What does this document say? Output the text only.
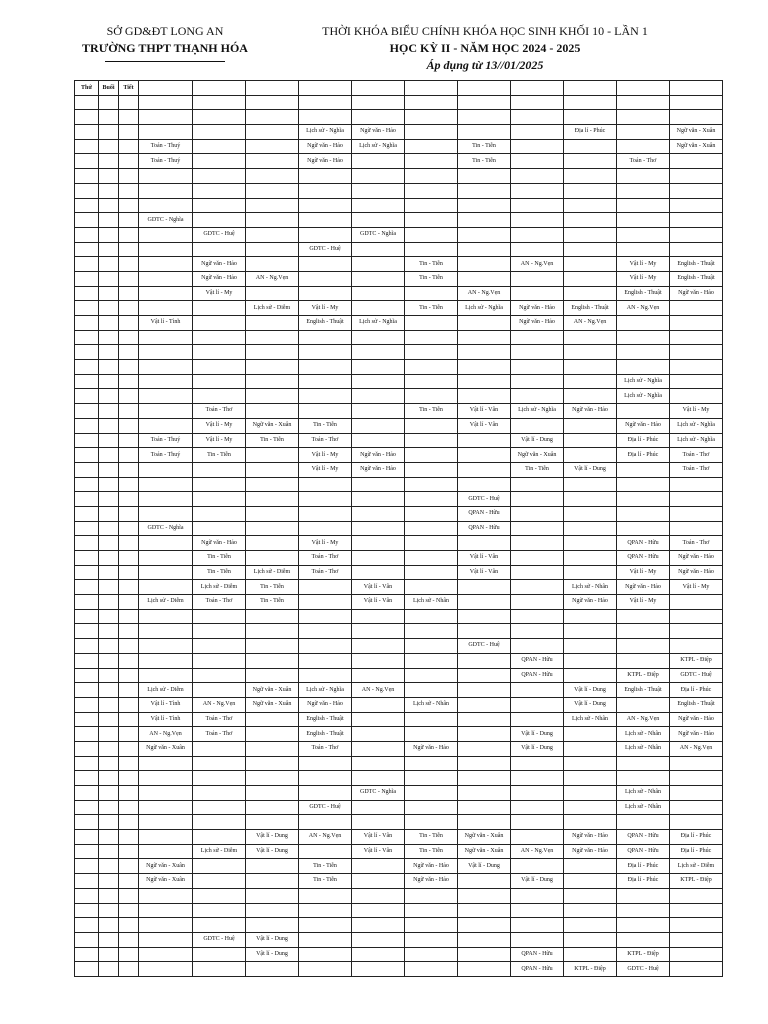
SỞ GD&ĐT LONG AN
TRƯỜNG THPT THẠNH HÓA
THỜI KHÓA BIỂU CHÍNH KHÓA HỌC SINH KHỐI 10 - LẦN 1
HỌC KỲ II - NĂM HỌC 2024 - 2025
Áp dụng từ 13//01/2025
Thứ	Buổi	Tiết											

						Lịch sử - Nghĩa	Ngữ văn - Hảo				Địa lí - Phúc		Ngữ văn - Xuân
			Toán - Thuý			Ngữ văn - Hảo	Lịch sử - Nghĩa		Tin - Tiễn				Ngữ văn - Xuân
			Toán - Thuý			Ngữ văn - Hảo			Tin - Tiễn			Toán - Thơ	

			GDTC - Nghĩa										
				GDTC - Huệ			GDTC - Nghĩa						
						GDTC - Huệ							
				Ngữ văn - Hảo				Tin - Tiễn		AN - Ng.Vẹn		Vật lí - My	English - Thuật
				Ngữ văn - Hảo	AN - Ng.Vẹn			Tin - Tiễn				Vật lí - My	English - Thuật
				Vật lí - My					AN - Ng.Vẹn			English - Thuật	Ngữ văn - Hảo
					Lịch sử - Diễm	Vật lí - My		Tin - Tiễn	Lịch sử - Nghĩa	Ngữ văn - Hảo	English - Thuật	AN - Ng.Vẹn	
			Vật lí - Tình			English - Thuật	Lịch sử - Nghĩa			Ngữ văn - Hảo	AN - Ng.Vẹn		

												Lịch sử - Nghĩa	
												Lịch sử - Nghĩa	
				Toán - Thơ				Tin - Tiễn	Vật lí - Vân	Lịch sử - Nghĩa	Ngữ văn - Hảo		Vật lí - My
				Vật lí - My	Ngữ văn - Xuân	Tin - Tiễn			Vật lí - Vân			Ngữ văn - Hảo	Lịch sử - Nghĩa
			Toán - Thuý	Vật lí - My	Tin - Tiễn	Toán - Thơ				Vật lí - Dung		Địa lí - Phúc	Lịch sử - Nghĩa
			Toán - Thuý	Tin - Tiễn		Vật lí - My	Ngữ văn - Hảo			Ngữ văn - Xuân		Địa lí - Phúc	Toán - Thơ
						Vật lí - My	Ngữ văn - Hảo			Tin - Tiễn	Vật lí - Dung		Toán - Thơ

									GDTC - Huệ				
									QPAN - Hữu				
			GDTC - Nghĩa						QPAN - Hữu				
				Ngữ văn - Hảo		Vật lí - My						QPAN - Hữu	Toán - Thơ
				Tin - Tiễn		Toán - Thơ			Vật lí - Vân			QPAN - Hữu	Ngữ văn - Hảo
				Tin - Tiễn	Lịch sử - Diễm	Toán - Thơ			Vật lí - Vân			Vật lí - My	Ngữ văn - Hảo
				Lịch sử - Diễm	Tin - Tiễn		Vật lí - Vân				Lịch sử - Nhân	Ngữ văn - Hảo	Vật lí - My
			Lịch sử - Diễm	Toán - Thơ	Tin - Tiễn		Vật lí - Vân	Lịch sử - Nhân			Ngữ văn - Hảo	Vật lí - My	

									GDTC - Huệ				
										QPAN - Hữu			KTPL - Điệp
										QPAN - Hữu		KTPL - Điệp	GDTC - Huệ
			Lịch sử - Diễm		Ngữ văn - Xuân	Lịch sử - Nghĩa	AN - Ng.Vẹn				Vật lí - Dung	English - Thuật	Địa lí - Phúc
			Vật lí - Tình	AN - Ng.Vẹn	Ngữ văn - Xuân	Ngữ văn - Hảo		Lịch sử - Nhân			Vật lí - Dung		English - Thuật
			Vật lí - Tình	Toán - Thơ		English - Thuật					Lịch sử - Nhân	AN - Ng.Vẹn	Ngữ văn - Hảo
			AN - Ng.Vẹn	Toán - Thơ		English - Thuật				Vật lí - Dung		Lịch sử - Nhân	Ngữ văn - Hảo
			Ngữ văn - Xuân			Toán - Thơ		Ngữ văn - Hảo		Vật lí - Dung		Lịch sử - Nhân	AN - Ng.Vẹn

							GDTC - Nghĩa					Lịch sử - Nhân	
						GDTC - Huệ						Lịch sử - Nhân	

					Vật lí - Dung	AN - Ng.Vẹn	Vật lí - Vân	Tin - Tiễn	Ngữ văn - Xuân		Ngữ văn - Hảo	QPAN - Hữu	Địa lí - Phúc
				Lịch sử - Diễm	Vật lí - Dung		Vật lí - Vân	Tin - Tiễn	Ngữ văn - Xuân	AN - Ng.Vẹn	Ngữ văn - Hảo	QPAN - Hữu	Địa lí - Phúc
			Ngữ văn - Xuân			Tin - Tiễn		Ngữ văn - Hảo	Vật lí - Dung			Địa lí - Phúc	Lịch sử - Diễm
			Ngữ văn - Xuân			Tin - Tiễn		Ngữ văn - Hảo		Vật lí - Dung		Địa lí - Phúc	KTPL - Điệp

				GDTC - Huệ	Vật lí - Dung								
					Vật lí - Dung					QPAN - Hữu		KTPL - Điệp	
										QPAN - Hữu	KTPL - Điệp	GDTC - Huệ	
